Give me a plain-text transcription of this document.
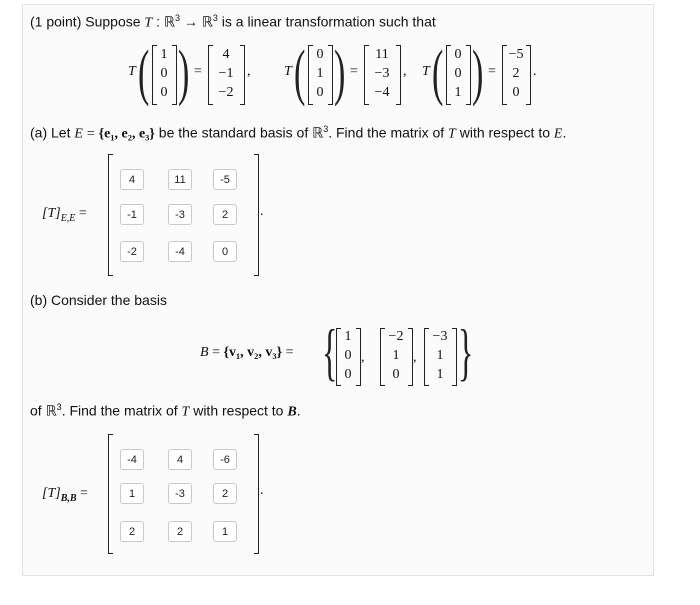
(1 point) Suppose T : ℝ$^3$ → ℝ$^3$ is a linear transformation such that
(a) Let E = {e₁, e₂, e₃} be the standard basis of ℝ$^3$. Find the matrix of T with respect to E.
$[T]_{E,E}$ =
(b) Consider the basis
B = {v₁, v₂, v₃} =
of ℝ$^3$. Find the matrix of T with respect to B.
$[T]_{B,B}$ =
T ( 1
0
0 ) =
4
−1
−2
, T ( 0
1
0 ) =
11
−3
−4
, T ( 0
0
1 ) =
−5
2
0
.
4	11	-5
-1	-3	2
-2	-4	0
.
{ 1
0
0
,
−2
1
0
,
−3
1
1 }
-4	4	-6
1	-3	2
2	2	1
.
